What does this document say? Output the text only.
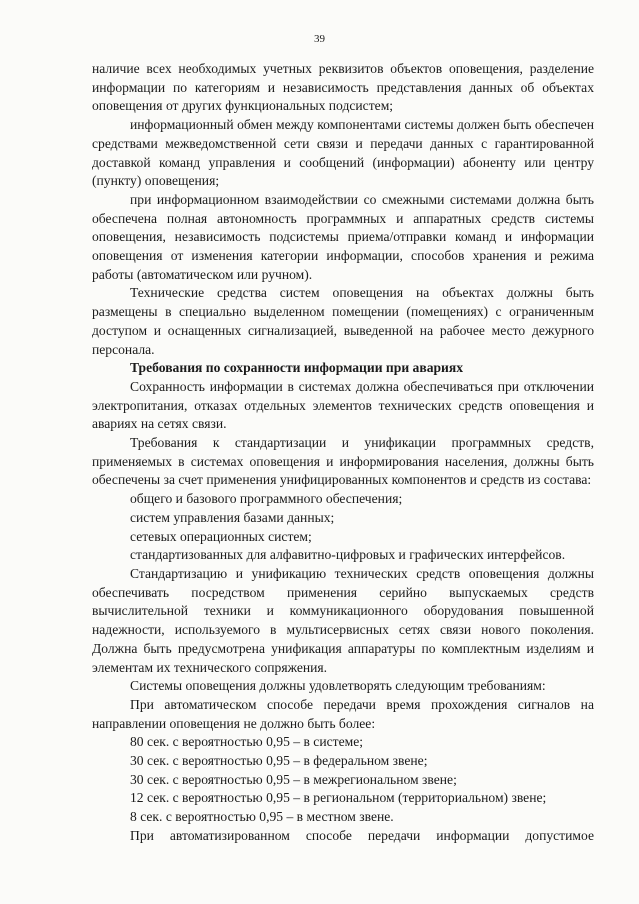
39

наличие всех необходимых учетных реквизитов объектов оповещения, разделение информации по категориям и независимость представления данных об объектах оповещения от других функциональных подсистем;

информационный обмен между компонентами системы должен быть обеспечен средствами межведомственной сети связи и передачи данных с гарантированной доставкой команд управления и сообщений (информации) абоненту или центру (пункту) оповещения;

при информационном взаимодействии со смежными системами должна быть обеспечена полная автономность программных и аппаратных средств системы оповещения, независимость подсистемы приема/отправки команд и информации оповещения от изменения категории информации, способов хранения и режима работы (автоматическом или ручном).

Технические средства систем оповещения на объектах должны быть размещены в специально выделенном помещении (помещениях) с ограниченным доступом и оснащенных сигнализацией, выведенной на рабочее место дежурного персонала.

Требования по сохранности информации при авариях

Сохранность информации в системах должна обеспечиваться при отключении электропитания, отказах отдельных элементов технических средств оповещения и авариях на сетях связи.

Требования к стандартизации и унификации программных средств, применяемых в системах оповещения и информирования населения, должны быть обеспечены за счет применения унифицированных компонентов и средств из состава:

общего и базового программного обеспечения;

систем управления базами данных;

сетевых операционных систем;

стандартизованных для алфавитно-цифровых и графических интерфейсов.

Стандартизацию и унификацию технических средств оповещения должны обеспечивать посредством применения серийно выпускаемых средств вычислительной техники и коммуникационного оборудования повышенной надежности, используемого в мультисервисных сетях связи нового поколения. Должна быть предусмотрена унификация аппаратуры по комплектным изделиям и элементам их технического сопряжения.

Системы оповещения должны удовлетворять следующим требованиям:

При автоматическом способе передачи время прохождения сигналов на направлении оповещения не должно быть более:

80 сек. с вероятностью 0,95 – в системе;

30 сек. с вероятностью 0,95 – в федеральном звене;

30 сек. с вероятностью 0,95 – в межрегиональном звене;

12 сек. с вероятностью 0,95 – в региональном (территориальном) звене;

8 сек. с вероятностью 0,95 – в местном звене.

При автоматизированном способе передачи информации допустимое
